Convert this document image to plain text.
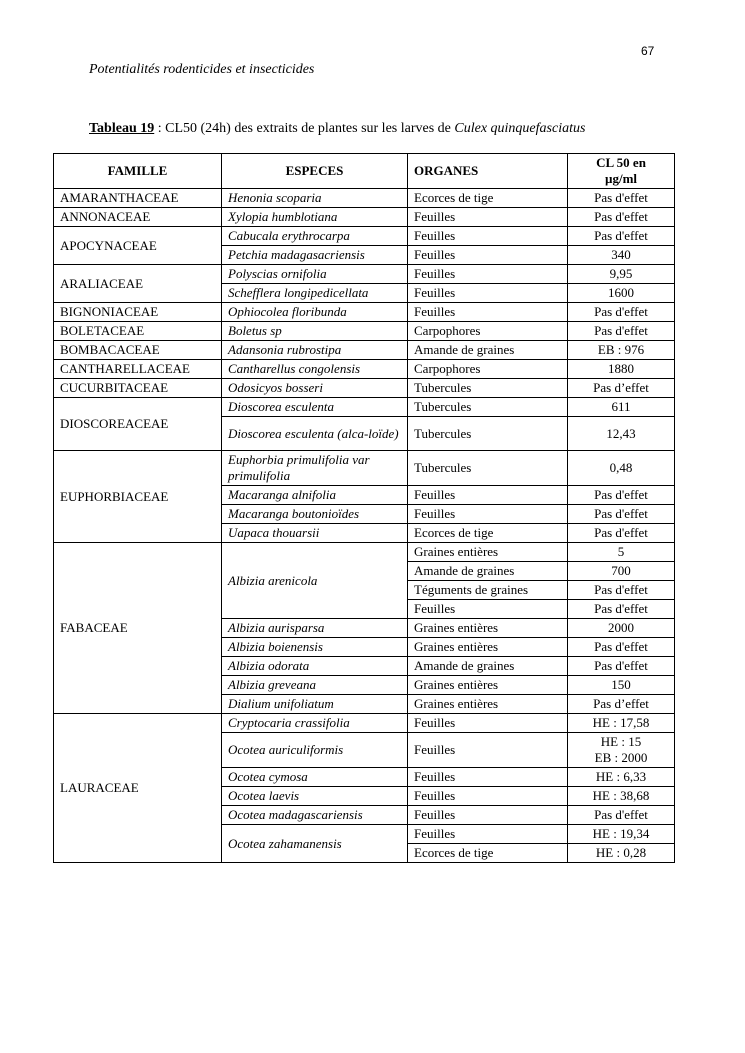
67
Potentialités rodenticides et insecticides
Tableau 19 : CL50 (24h) des extraits de plantes sur les larves de Culex quinquefasciatus
FAMILLE	ESPECES	ORGANES	CL 50 en
µg/ml
AMARANTHACEAE	Henonia scoparia	Ecorces de tige	Pas d'effet
ANNONACEAE	Xylopia humblotiana	Feuilles	Pas d'effet
APOCYNACEAE	Cabucala erythrocarpa	Feuilles	Pas d'effet
	Petchia madagasacriensis	Feuilles	340
ARALIACEAE	Polyscias ornifolia	Feuilles	9,95
	Schefflera longipedicellata	Feuilles	1600
BIGNONIACEAE	Ophiocolea floribunda	Feuilles	Pas d'effet
BOLETACEAE	Boletus sp	Carpophores	Pas d'effet
BOMBACACEAE	Adansonia rubrostipa	Amande de graines	EB : 976
CANTHARELLACEAE	Cantharellus congolensis	Carpophores	1880
CUCURBITACEAE	Odosicyos bosseri	Tubercules	Pas d’effet
DIOSCOREACEAE	Dioscorea esculenta	Tubercules	611
	Dioscorea esculenta (alca-loïde)	Tubercules	12,43
EUPHORBIACEAE	Euphorbia primulifolia var primulifolia	Tubercules	0,48
	Macaranga alnifolia	Feuilles	Pas d'effet
	Macaranga boutonioïdes	Feuilles	Pas d'effet
	Uapaca thouarsii	Ecorces de tige	Pas d'effet
FABACEAE	Albizia arenicola	Graines entières	5
		Amande de graines	700
		Téguments de graines	Pas d'effet
		Feuilles	Pas d'effet
	Albizia aurisparsa	Graines entières	2000
	Albizia boienensis	Graines entières	Pas d'effet
	Albizia odorata	Amande de graines	Pas d'effet
	Albizia greveana	Graines entières	150
	Dialium unifoliatum	Graines entières	Pas d’effet
LAURACEAE	Cryptocaria crassifolia	Feuilles	HE : 17,58
	Ocotea auriculiformis	Feuilles	HE : 15
EB : 2000
	Ocotea cymosa	Feuilles	HE : 6,33
	Ocotea laevis	Feuilles	HE : 38,68
	Ocotea madagascariensis	Feuilles	Pas d'effet
	Ocotea zahamanensis	Feuilles	HE : 19,34
		Ecorces de tige	HE : 0,28
